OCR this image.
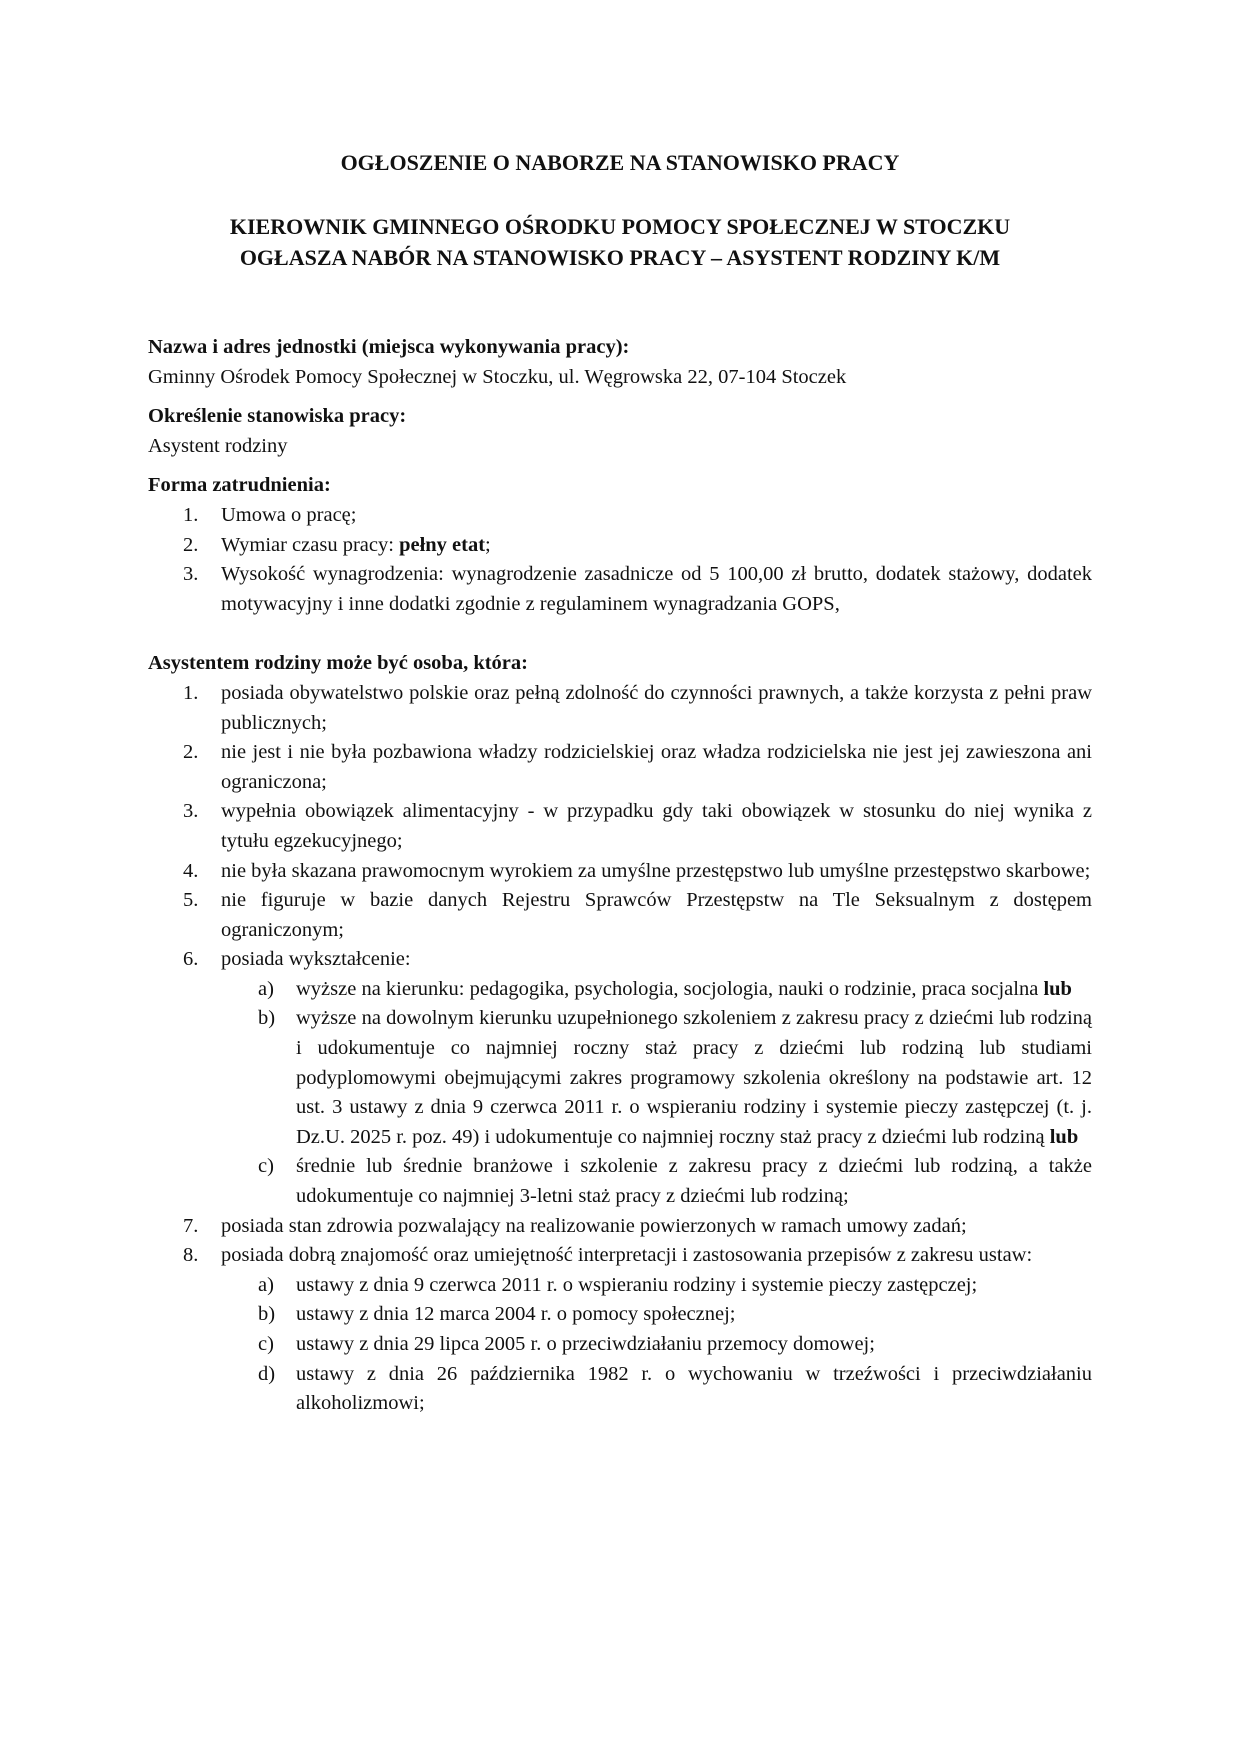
OGŁOSZENIE O NABORZE NA STANOWISKO PRACY
KIEROWNIK GMINNEGO OŚRODKU POMOCY SPOŁECZNEJ W STOCZKU
OGŁASZA NABÓR NA STANOWISKO PRACY – ASYSTENT RODZINY K/M

Nazwa i adres jednostki (miejsca wykonywania pracy):

Gminny Ośrodek Pomocy Społecznej w Stoczku, ul. Węgrowska 22, 07-104 Stoczek

Określenie stanowiska pracy:

Asystent rodziny

Forma zatrudnienia:

1. Umowa o pracę;
2. Wymiar czasu pracy: pełny etat;
3. Wysokość wynagrodzenia: wynagrodzenie zasadnicze od 5 100,00 zł brutto, dodatek stażowy, dodatek motywacyjny i inne dodatki zgodnie z regulaminem wynagradzania GOPS,

Asystentem rodziny może być osoba, która:

1. posiada obywatelstwo polskie oraz pełną zdolność do czynności prawnych, a także korzysta z pełni praw publicznych;
2. nie jest i nie była pozbawiona władzy rodzicielskiej oraz władza rodzicielska nie jest jej zawieszona ani ograniczona;
3. wypełnia obowiązek alimentacyjny - w przypadku gdy taki obowiązek w stosunku do niej wynika z tytułu egzekucyjnego;
4. nie była skazana prawomocnym wyrokiem za umyślne przestępstwo lub umyślne przestępstwo skarbowe;
5. nie figuruje w bazie danych Rejestru Sprawców Przestępstw na Tle Seksualnym z dostępem ograniczonym;
6. posiada wykształcenie:
a) wyższe na kierunku: pedagogika, psychologia, socjologia, nauki o rodzinie, praca socjalna lub
b) wyższe na dowolnym kierunku uzupełnionego szkoleniem z zakresu pracy z dziećmi lub rodziną i udokumentuje co najmniej roczny staż pracy z dziećmi lub rodziną lub studiami podyplomowymi obejmującymi zakres programowy szkolenia określony na podstawie art. 12 ust. 3 ustawy z dnia 9 czerwca 2011 r. o wspieraniu rodziny i systemie pieczy zastępczej (t. j. Dz.U. 2025 r. poz. 49) i udokumentuje co najmniej roczny staż pracy z dziećmi lub rodziną lub
c) średnie lub średnie branżowe i szkolenie z zakresu pracy z dziećmi lub rodziną, a także udokumentuje co najmniej 3-letni staż pracy z dziećmi lub rodziną;
7. posiada stan zdrowia pozwalający na realizowanie powierzonych w ramach umowy zadań;
8. posiada dobrą znajomość oraz umiejętność interpretacji i zastosowania przepisów z zakresu ustaw:
a) ustawy z dnia 9 czerwca 2011 r. o wspieraniu rodziny i systemie pieczy zastępczej;
b) ustawy z dnia 12 marca 2004 r. o pomocy społecznej;
c) ustawy z dnia 29 lipca 2005 r. o przeciwdziałaniu przemocy domowej;
d) ustawy z dnia 26 października 1982 r. o wychowaniu w trzeźwości i przeciwdziałaniu alkoholizmowi;
